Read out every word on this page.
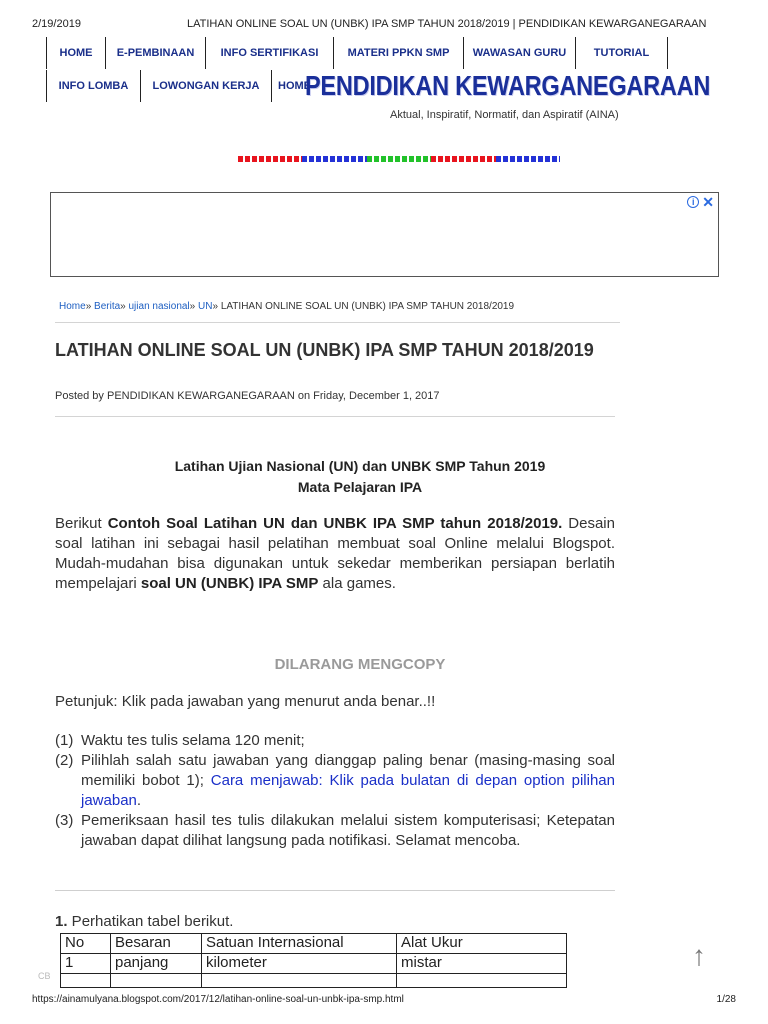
2/19/2019	LATIHAN ONLINE SOAL UN (UNBK) IPA SMP TAHUN 2018/2019 | PENDIDIKAN KEWARGANEGARAAN
HOME	E-PEMBINAAN	INFO SERTIFIKASI	MATERI PPKN SMP	WAWASAN GURU	TUTORIAL
INFO LOMBA	LOWONGAN KERJA	HOME
PENDIDIKAN KEWARGANEGARAAN
Aktual, Inspiratif, Normatif, dan Aspiratif (AINA)
i ✕
Home» Berita» ujian nasional» UN» LATIHAN ONLINE SOAL UN (UNBK) IPA SMP TAHUN 2018/2019
LATIHAN ONLINE SOAL UN (UNBK) IPA SMP TAHUN 2018/2019
Posted by PENDIDIKAN KEWARGANEGARAAN on Friday, December 1, 2017
Latihan Ujian Nasional (UN) dan UNBK SMP Tahun 2019
Mata Pelajaran IPA

Berikut Contoh Soal Latihan UN dan UNBK IPA SMP tahun 2018/2019. Desain soal latihan ini sebagai hasil pelatihan membuat soal Online melalui Blogspot. Mudah-mudahan bisa digunakan untuk sekedar memberikan persiapan berlatih mempelajari soal UN (UNBK) IPA SMP ala games.

DILARANG MENGCOPY
Petunjuk: Klik pada jawaban yang menurut anda benar..!!
(1) Waktu tes tulis selama 120 menit;
(2) Pilihlah salah satu jawaban yang dianggap paling benar (masing-masing soal memiliki bobot 1); Cara menjawab: Klik pada bulatan di depan option pilihan jawaban.
(3) Pemeriksaan hasil tes tulis dilakukan melalui sistem komputerisasi; Ketepatan jawaban dapat dilihat langsung pada notifikasi. Selamat mencoba.
1. Perhatikan tabel berikut.
No	Besaran	Satuan Internasional	Alat Ukur
1	panjang	kilometer	mistar
				↑
CB
https://ainamulyana.blogspot.com/2017/12/latihan-online-soal-un-unbk-ipa-smp.html	1/28
